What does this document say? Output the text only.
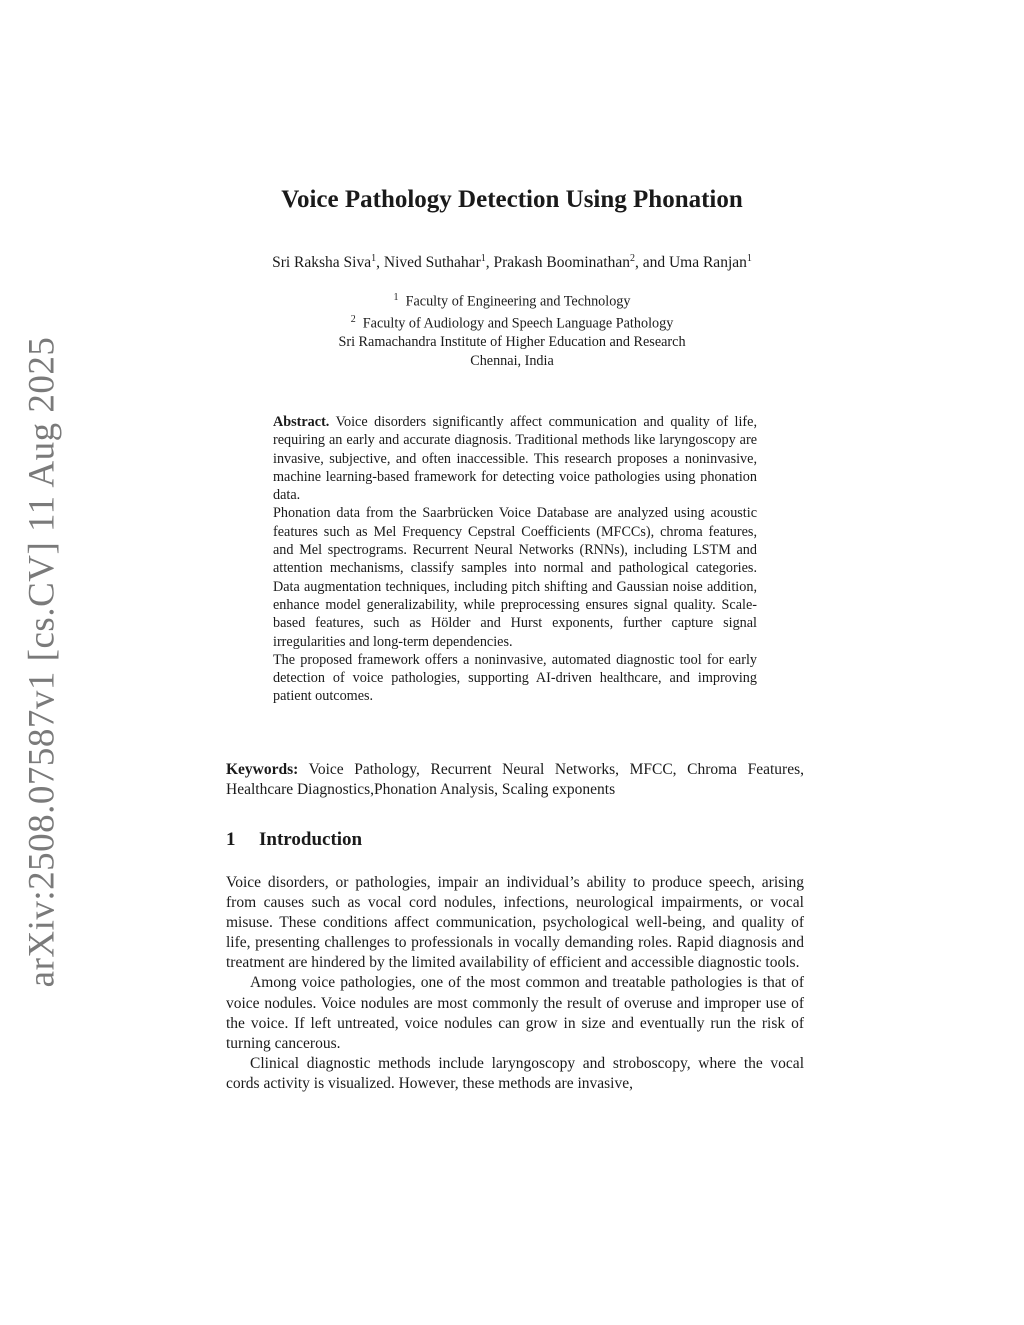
arXiv:2508.07587v1 [cs.CV] 11 Aug 2025
Voice Pathology Detection Using Phonation
Sri Raksha Siva$^1$, Nived Suthahar$^1$, Prakash Boominathan$^2$, and Uma Ranjan$^1$
$^1$ Faculty of Engineering and Technology
$^2$ Faculty of Audiology and Speech Language Pathology
Sri Ramachandra Institute of Higher Education and Research
Chennai, India

Abstract. Voice disorders significantly affect communication and quality of life, requiring an early and accurate diagnosis. Traditional methods like laryngoscopy are invasive, subjective, and often inaccessible. This research proposes a noninvasive, machine learning-based framework for detecting voice pathologies using phonation data.

Phonation data from the Saarbrücken Voice Database are analyzed using acoustic features such as Mel Frequency Cepstral Coefficients (MFCCs), chroma features, and Mel spectrograms. Recurrent Neural Networks (RNNs), including LSTM and attention mechanisms, classify samples into normal and pathological categories. Data augmentation techniques, including pitch shifting and Gaussian noise addition, enhance model generalizability, while preprocessing ensures signal quality. Scale-based features, such as Hölder and Hurst exponents, further capture signal irregularities and long-term dependencies.

The proposed framework offers a noninvasive, automated diagnostic tool for early detection of voice pathologies, supporting AI-driven healthcare, and improving patient outcomes.

Keywords: Voice Pathology, Recurrent Neural Networks, MFCC, Chroma Features, Healthcare Diagnostics,Phonation Analysis, Scaling exponents
1 Introduction

Voice disorders, or pathologies, impair an individual’s ability to produce speech, arising from causes such as vocal cord nodules, infections, neurological impairments, or vocal misuse. These conditions affect communication, psychological well-being, and quality of life, presenting challenges to professionals in vocally demanding roles. Rapid diagnosis and treatment are hindered by the limited availability of efficient and accessible diagnostic tools.

Among voice pathologies, one of the most common and treatable pathologies is that of voice nodules. Voice nodules are most commonly the result of overuse and improper use of the voice. If left untreated, voice nodules can grow in size and eventually run the risk of turning cancerous.

Clinical diagnostic methods include laryngoscopy and stroboscopy, where the vocal cords activity is visualized. However, these methods are invasive,
